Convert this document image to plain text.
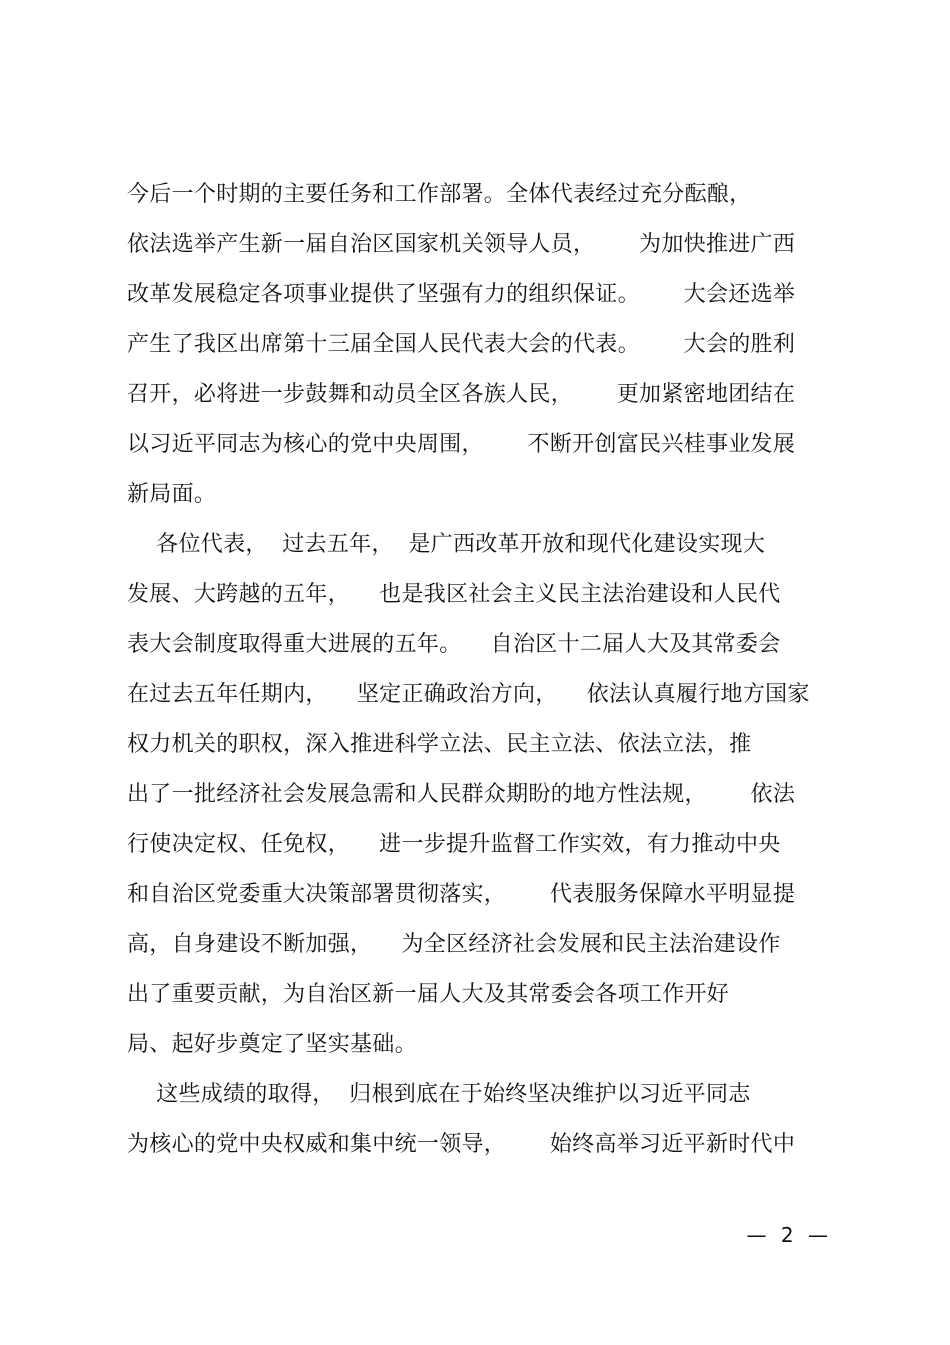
今后一个时期的主要任务和工作部署。全体代表经过充分酝酿，
依法选举产生新一届自治区国家机关领导人员，      为加快推进广西
改革发展稳定各项事业提供了坚强有力的组织保证。      大会还选举
产生了我区出席第十三届全国人民代表大会的代表。      大会的胜利
召开，必将进一步鼓舞和动员全区各族人民，      更加紧密地团结在
以习近平同志为核心的党中央周围，      不断开创富民兴桂事业发展
新局面。
各位代表，  过去五年，  是广西改革开放和现代化建设实现大
发展、大跨越的五年，    也是我区社会主义民主法治建设和人民代
表大会制度取得重大进展的五年。    自治区十二届人大及其常委会
在过去五年任期内，    坚定正确政治方向，    依法认真履行地方国家
权力机关的职权，深入推进科学立法、民主立法、依法立法，推
出了一批经济社会发展急需和人民群众期盼的地方性法规，      依法
行使决定权、任免权，    进一步提升监督工作实效，有力推动中央
和自治区党委重大决策部署贯彻落实，      代表服务保障水平明显提
高，自身建设不断加强，    为全区经济社会发展和民主法治建设作
出了重要贡献，为自治区新一届人大及其常委会各项工作开好
局、起好步奠定了坚实基础。
这些成绩的取得，  归根到底在于始终坚决维护以习近平同志
为核心的党中央权威和集中统一领导，      始终高举习近平新时代中
— 2 —
